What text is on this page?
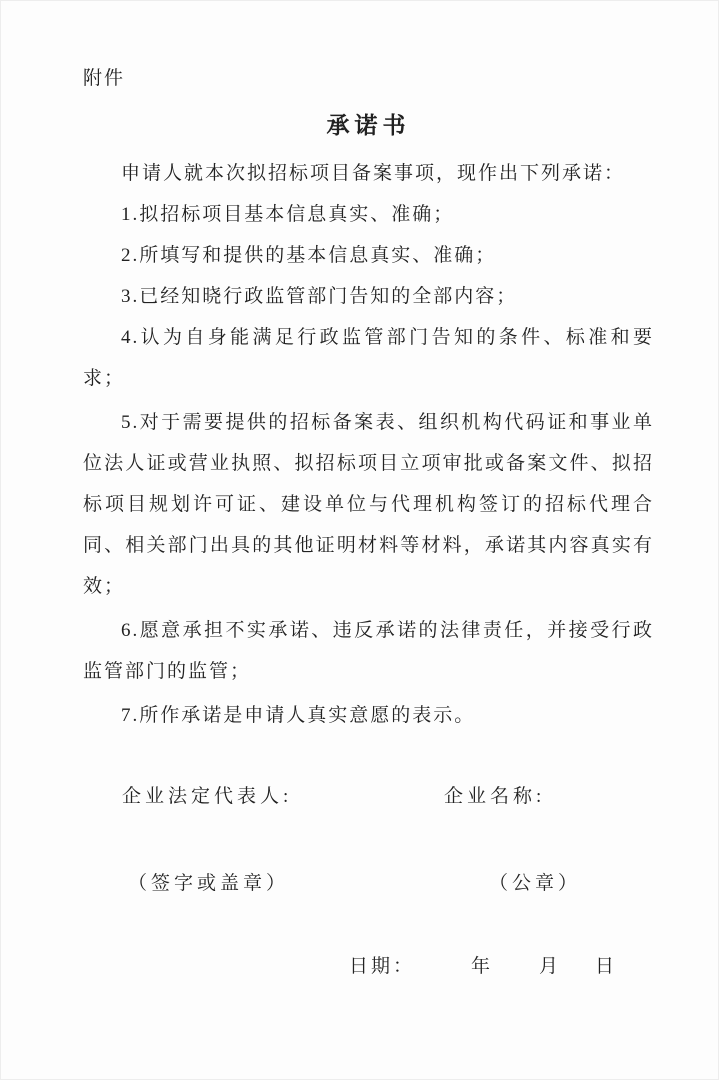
附件

承诺书

申请人就本次拟招标项目备案事项，现作出下列承诺：

1.拟招标项目基本信息真实、准确；

2.所填写和提供的基本信息真实、准确；

3.已经知晓行政监管部门告知的全部内容；

4.认为自身能满足行政监管部门告知的条件、标准和要求；

5.对于需要提供的招标备案表、组织机构代码证和事业单位法人证或营业执照、拟招标项目立项审批或备案文件、拟招标项目规划许可证、建设单位与代理机构签订的招标代理合同、相关部门出具的其他证明材料等材料，承诺其内容真实有效；

6.愿意承担不实承诺、违反承诺的法律责任，并接受行政监管部门的监管；

7.所作承诺是申请人真实意愿的表示。

企业法定代表人:	企业名称:
（签字或盖章）	（公章）
日期：	年 月 日
